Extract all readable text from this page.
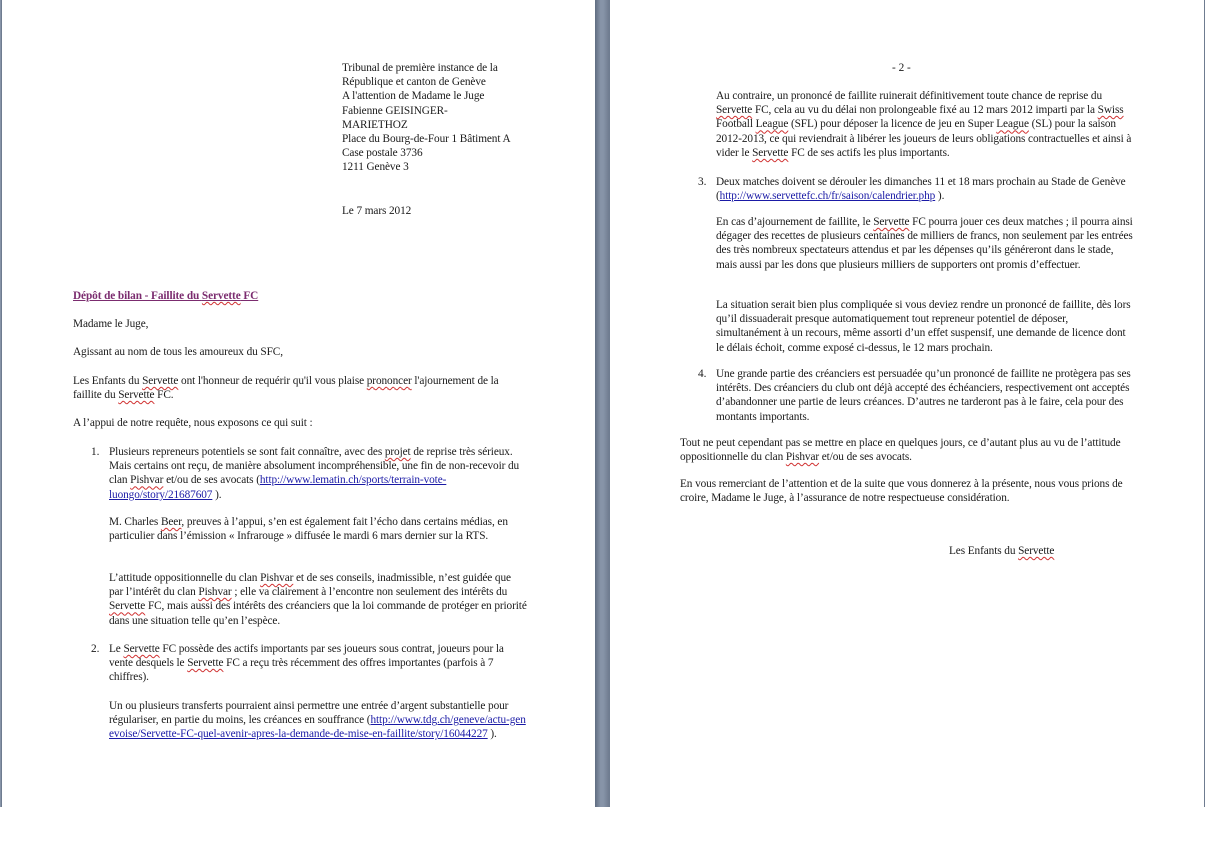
Tribunal de première instance de la
République et canton de Genève
A l'attention de Madame le Juge
Fabienne GEISINGER-
MARIETHOZ
Place du Bourg-de-Four 1 Bâtiment A
Case postale 3736
1211 Genève 3
Le 7 mars 2012
Dépôt de bilan - Faillite du Servette FC
Madame le Juge,
Agissant au nom de tous les amoureux du SFC,
Les Enfants du Servette ont l'honneur de requérir qu'il vous plaise prononcer l'ajournement de la faillite du Servette FC.
A l’appui de notre requête, nous exposons ce qui suit :
1. Plusieurs repreneurs potentiels se sont fait connaître, avec des projet de reprise très sérieux. Mais certains ont reçu, de manière absolument incompréhensible, une fin de non-recevoir du clan Pishvar et/ou de ses avocats (http://www.lematin.ch/sports/terrain-vote-luongo/story/21687607 ).
M. Charles Beer, preuves à l’appui, s’en est également fait l’écho dans certains médias, en particulier dans l’émission « Infrarouge » diffusée le mardi 6 mars dernier sur la RTS.
L’attitude oppositionnelle du clan Pishvar et de ses conseils, inadmissible, n’est guidée que par l’intérêt du clan Pishvar ; elle va clairement à l’encontre non seulement des intérêts du Servette FC, mais aussi des intérêts des créanciers que la loi commande de protéger en priorité dans une situation telle qu’en l’espèce.
2. Le Servette FC possède des actifs importants par ses joueurs sous contrat, joueurs pour la vente desquels le Servette FC a reçu très récemment des offres importantes (parfois à 7 chiffres).
Un ou plusieurs transferts pourraient ainsi permettre une entrée d’argent substantielle pour régulariser, en partie du moins, les créances en souffrance (http://www.tdg.ch/geneve/actu-genevoise/Servette-FC-quel-avenir-apres-la-demande-de-mise-en-faillite/story/16044227 ).
- 2 -
Au contraire, un prononcé de faillite ruinerait définitivement toute chance de reprise du Servette FC, cela au vu du délai non prolongeable fixé au 12 mars 2012 imparti par la Swiss Football League (SFL) pour déposer la licence de jeu en Super League (SL) pour la saison 2012-2013, ce qui reviendrait à libérer les joueurs de leurs obligations contractuelles et ainsi à vider le Servette FC de ses actifs les plus importants.
3. Deux matches doivent se dérouler les dimanches 11 et 18 mars prochain au Stade de Genève (http://www.servettefc.ch/fr/saison/calendrier.php ).
En cas d’ajournement de faillite, le Servette FC pourra jouer ces deux matches ; il pourra ainsi dégager des recettes de plusieurs centaines de milliers de francs, non seulement par les entrées des très nombreux spectateurs attendus et par les dépenses qu’ils généreront dans le stade, mais aussi par les dons que plusieurs milliers de supporters ont promis d’effectuer.
La situation serait bien plus compliquée si vous deviez rendre un prononcé de faillite, dès lors qu’il dissuaderait presque automatiquement tout repreneur potentiel de déposer, simultanément à un recours, même assorti d’un effet suspensif, une demande de licence dont le délais échoit, comme exposé ci-dessus, le 12 mars prochain.
4. Une grande partie des créanciers est persuadée qu’un prononcé de faillite ne protègera pas ses intérêts. Des créanciers du club ont déjà accepté des échéanciers, respectivement ont acceptés d’abandonner une partie de leurs créances. D’autres ne tarderont pas à le faire, cela pour des montants importants.
Tout ne peut cependant pas se mettre en place en quelques jours, ce d’autant plus au vu de l’attitude oppositionnelle du clan Pishvar et/ou de ses avocats.
En vous remerciant de l’attention et de la suite que vous donnerez à la présente, nous vous prions de croire, Madame le Juge, à l’assurance de notre respectueuse considération.
Les Enfants du Servette
